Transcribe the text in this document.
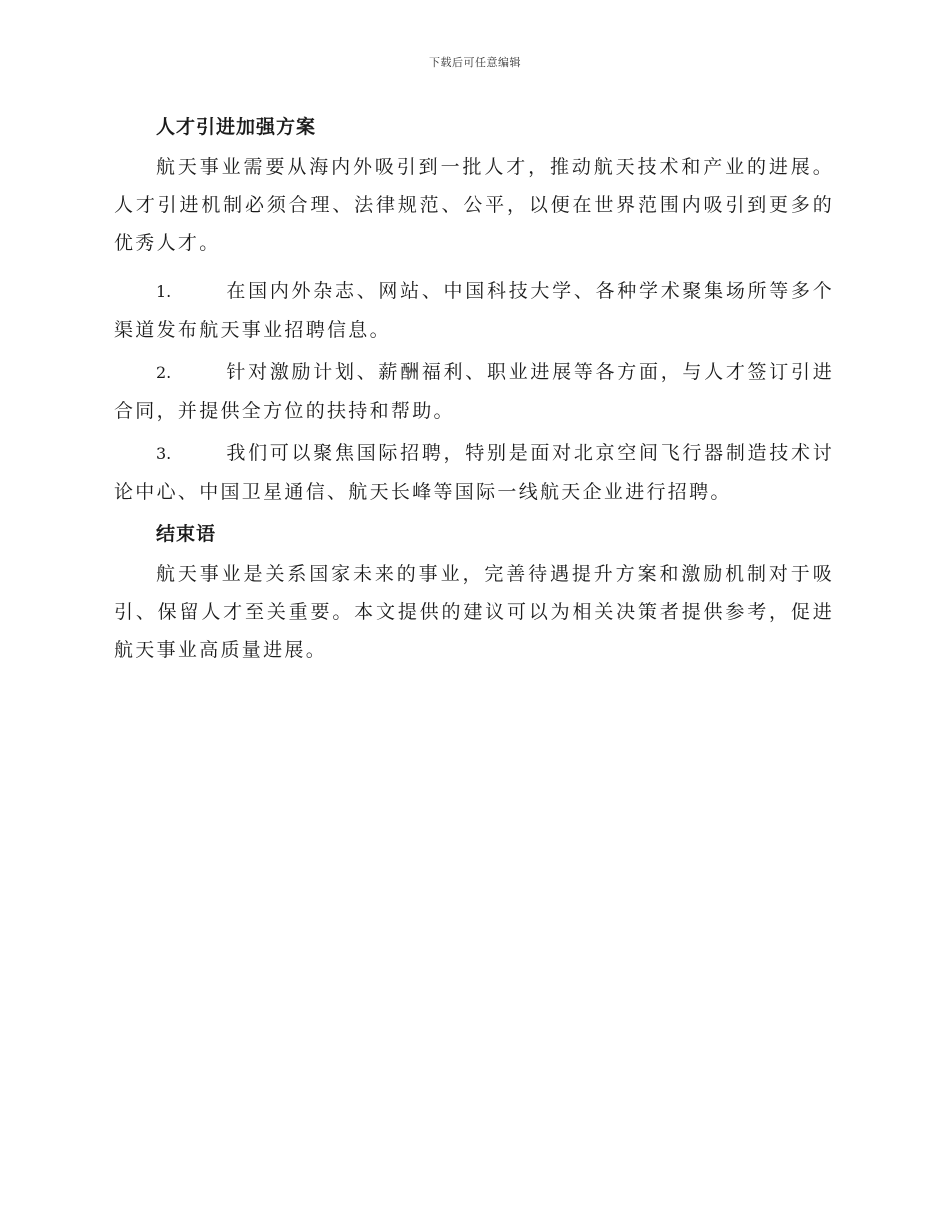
下载后可任意编辑
人才引进加强方案

航天事业需要从海内外吸引到一批人才，推动航天技术和产业的进展。人才引进机制必须合理、法律规范、公平，以便在世界范围内吸引到更多的优秀人才。

1.	在国内外杂志、网站、中国科技大学、各种学术聚集场所等多个渠道发布航天事业招聘信息。

2.	针对激励计划、薪酬福利、职业进展等各方面，与人才签订引进合同，并提供全方位的扶持和帮助。

3.	我们可以聚焦国际招聘，特别是面对北京空间飞行器制造技术讨论中心、中国卫星通信、航天长峰等国际一线航天企业进行招聘。

结束语

航天事业是关系国家未来的事业，完善待遇提升方案和激励机制对于吸引、保留人才至关重要。本文提供的建议可以为相关决策者提供参考，促进航天事业高质量进展。
